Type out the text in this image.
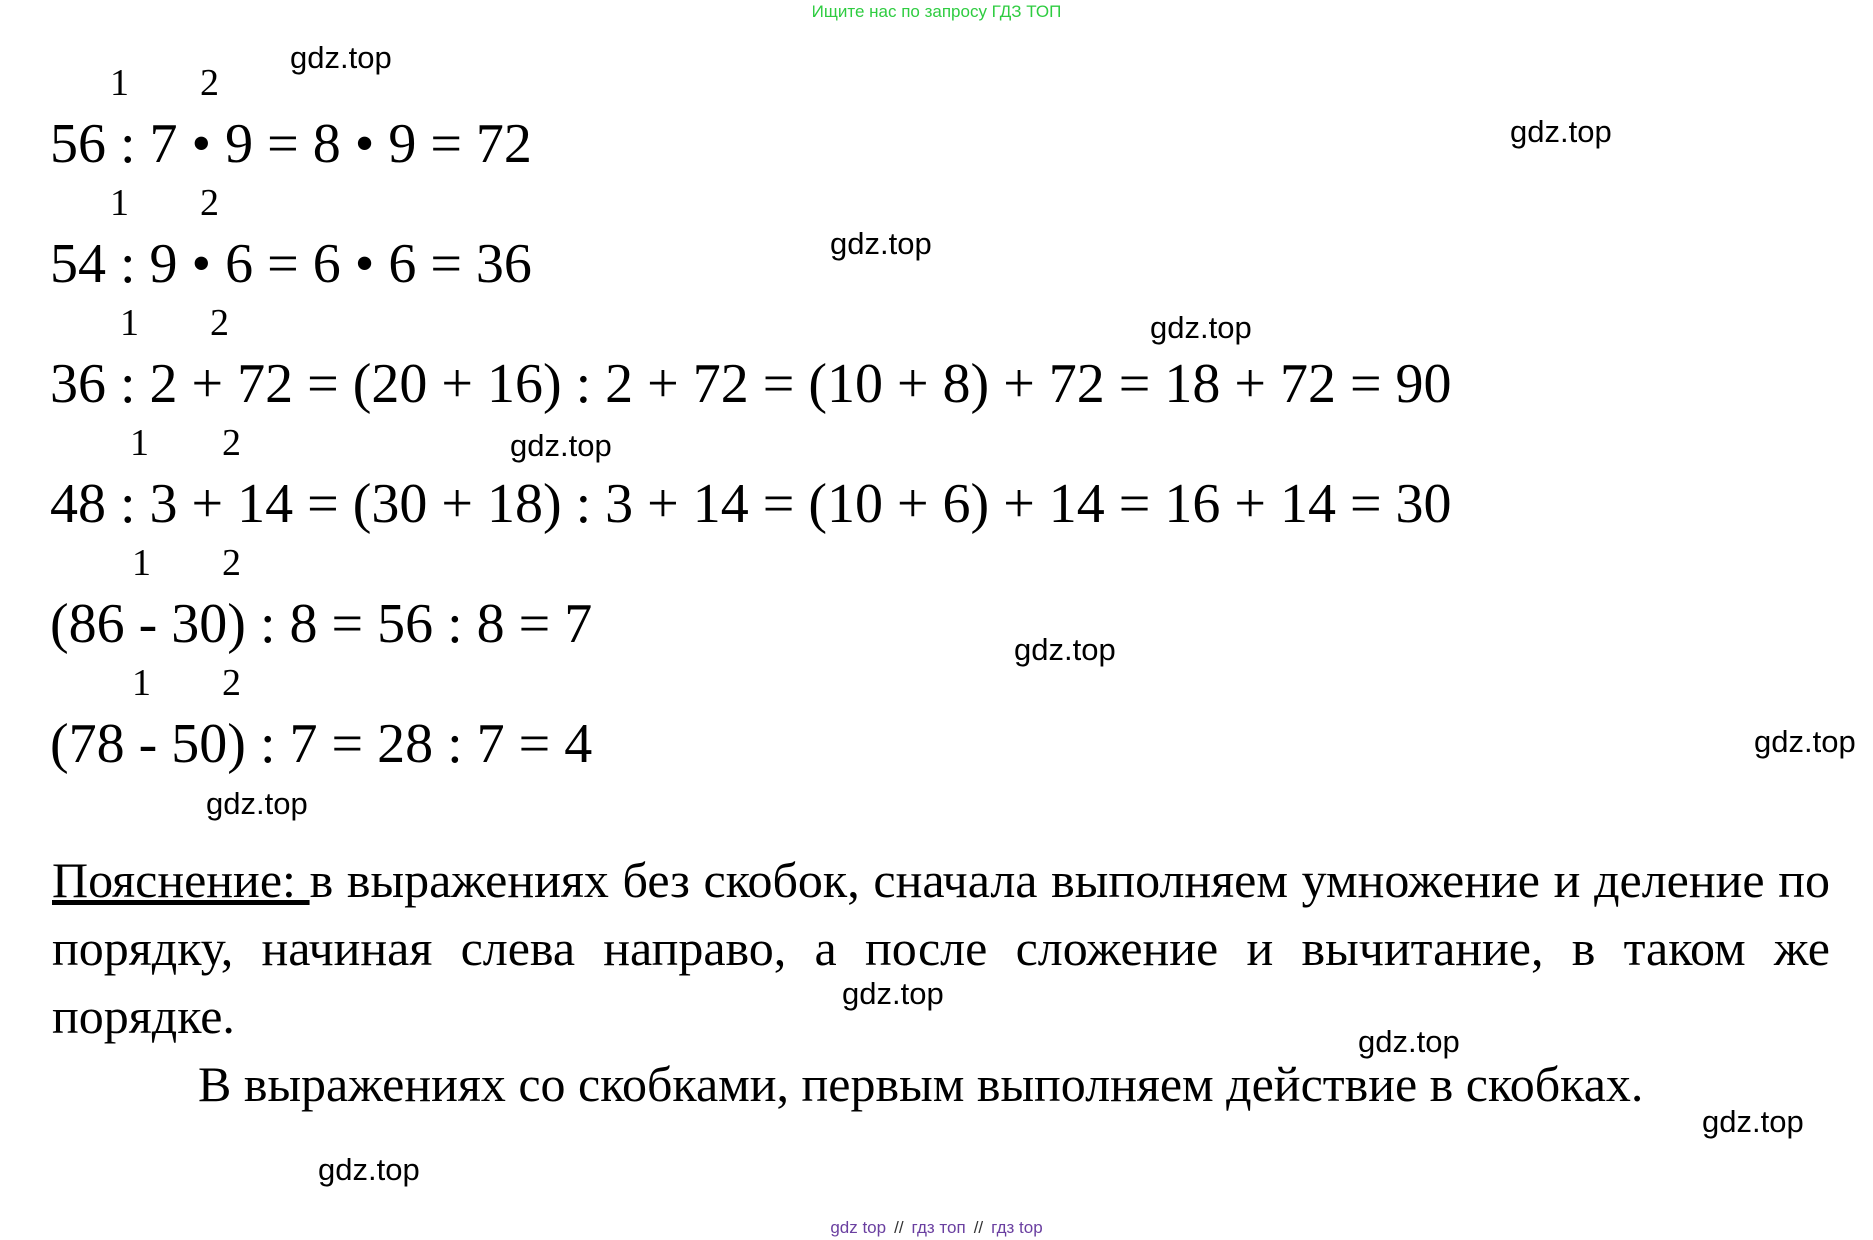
Ищите нас по запросу ГДЗ ТОП
1 2
56 : 7 • 9 = 8 • 9 = 72
1 2
54 : 9 • 6 = 6 • 6 = 36
1 2
36 : 2 + 72 = (20 + 16) : 2 + 72 = (10 + 8) + 72 = 18 + 72 = 90
1 2
48 : 3 + 14 = (30 + 18) : 3 + 14 = (10 + 6) + 14 = 16 + 14 = 30
1 2
(86 - 30) : 8 = 56 : 8 = 7
1 2
(78 - 50) : 7 = 28 : 7 = 4
Пояснение: в выражениях без скобок, сначала выполняем умножение и деление по порядку, начиная слева направо, а после сложение и вычитание, в таком же порядке.
В выражениях со скобками, первым выполняем действие в скобках.
gdz.top
gdz.top
gdz.top
gdz.top
gdz.top
gdz.top
gdz.top
gdz.top
gdz.top
gdz.top
gdz.top
gdz.top
gdz top // гдз топ // гдз top
